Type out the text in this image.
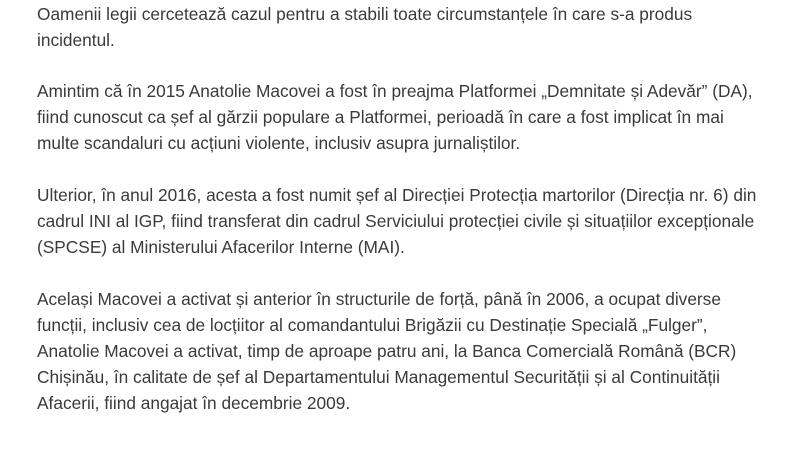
Oamenii legii cercetează cazul pentru a stabili toate circumstanțele în care s-a produs
incidentul.

Amintim că în 2015 Anatolie Macovei a fost în preajma Platformei „Demnitate și Adevăr” (DA),
fiind cunoscut ca șef al gărzii populare a Platformei, perioadă în care a fost implicat în mai
multe scandaluri cu acțiuni violente, inclusiv asupra jurnaliștilor.

Ulterior, în anul 2016, acesta a fost numit șef al Direcției Protecția martorilor (Direcția nr. 6) din
cadrul INI al IGP, fiind transferat din cadrul Serviciului protecției civile și situațiilor excepționale
(SPCSE) al Ministerului Afacerilor Interne (MAI).

Același Macovei a activat și anterior în structurile de forță, până în 2006, a ocupat diverse
funcții, inclusiv cea de locțiitor al comandantului Brigăzii cu Destinație Specială „Fulger”,
Anatolie Macovei a activat, timp de aproape patru ani, la Banca Comercială Română (BCR)
Chișinău, în calitate de șef al Departamentului Managementul Securității și al Continuității
Afacerii, fiind angajat în decembrie 2009.
